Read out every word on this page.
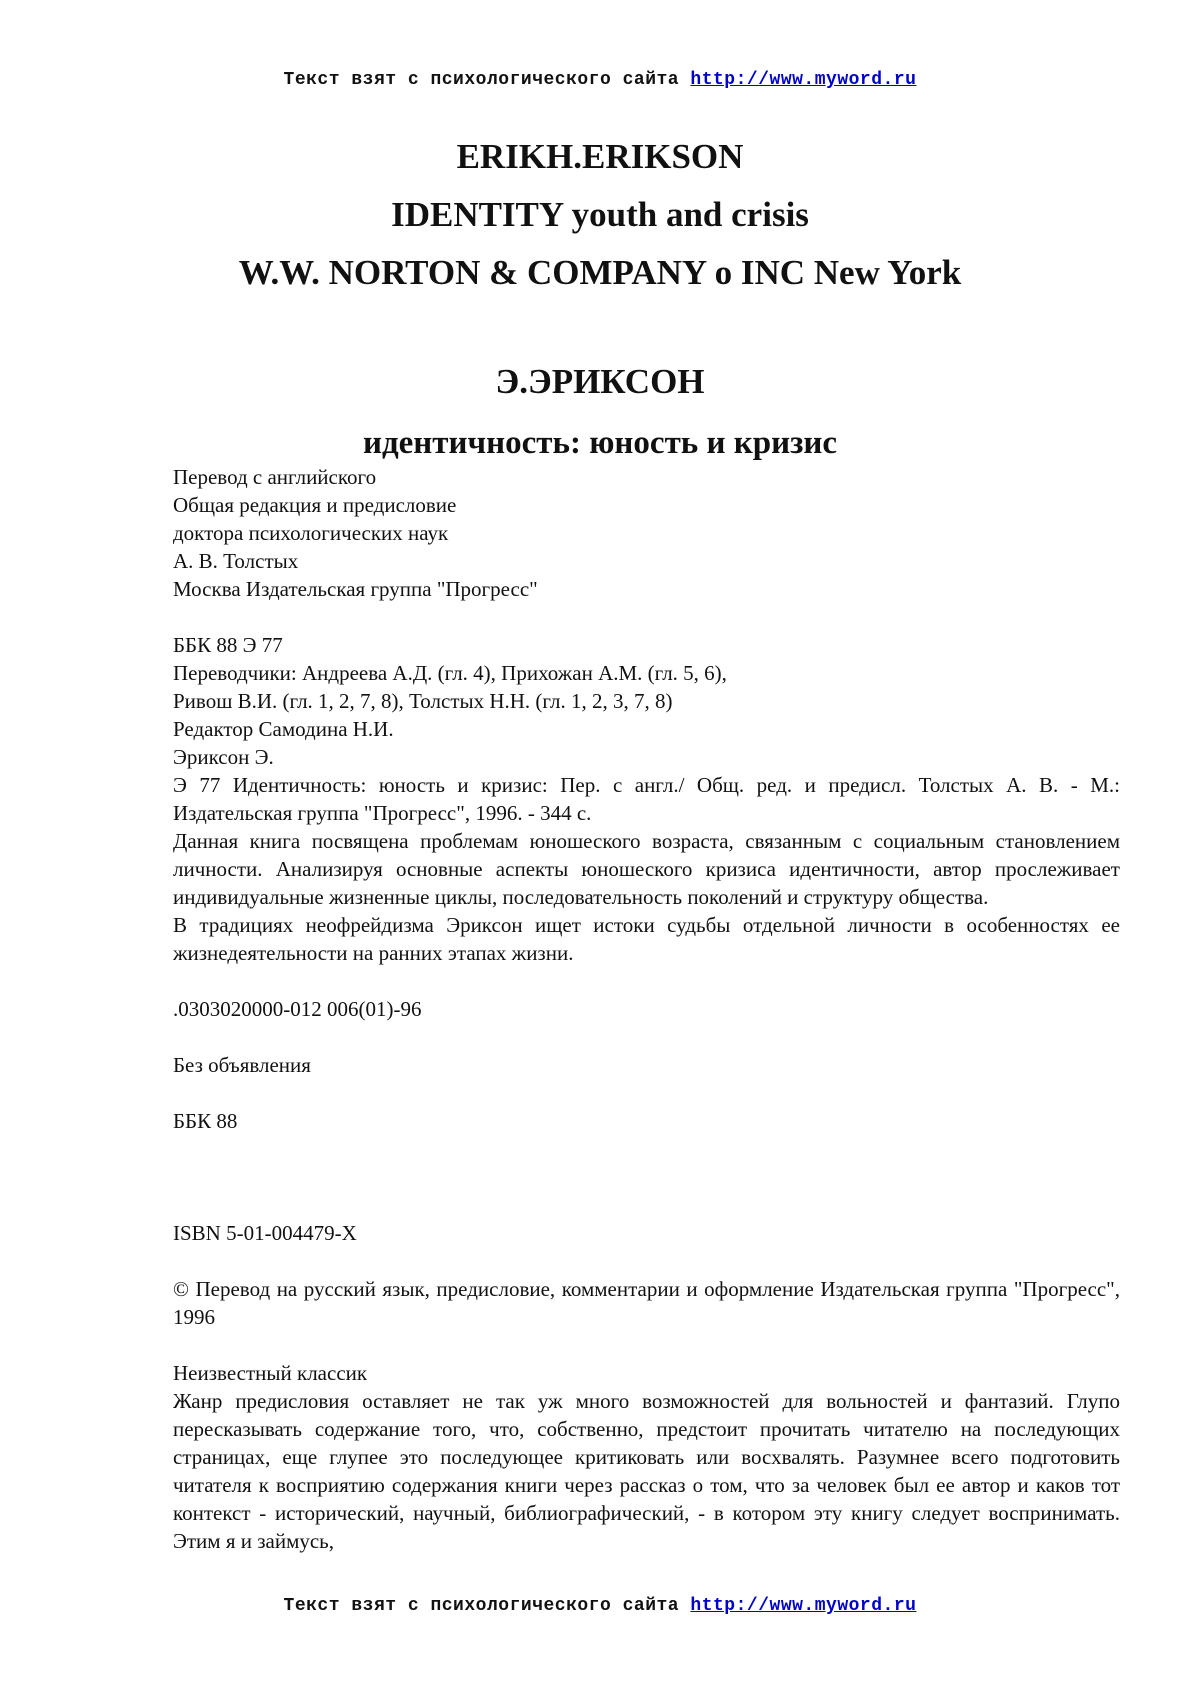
Текст взят с психологического сайта http://www.myword.ru
ERIKH.ERIKSON
IDENTITY youth and crisis
W.W. NORTON & COMPANY o INC New York
Э.ЭРИКСОН
идентичность: юность и кризис
Перевод с английского
Общая редакция и предисловие
доктора психологических наук
А. В. Толстых
Москва Издательская группа "Прогресс"
ББК 88 Э 77
Переводчики: Андреева А.Д. (гл. 4), Прихожан А.М. (гл. 5, 6),
Ривош В.И. (гл. 1, 2, 7, 8), Толстых Н.Н. (гл. 1, 2, 3, 7, 8)
Редактор Самодина Н.И.
Эриксон Э.
Э 77 Идентичность: юность и кризис: Пер. с англ./ Общ. ред. и предисл. Толстых А. В. - М.: Издательская группа "Прогресс", 1996. - 344 с.
Данная книга посвящена проблемам юношеского возраста, связанным с социальным становлением личности. Анализируя основные аспекты юношеского кризиса идентичности, автор прослеживает индивидуальные жизненные циклы, последовательность поколений и структуру общества.
В традициях неофрейдизма Эриксон ищет истоки судьбы отдельной личности в особенностях ее жизнедеятельности на ранних этапах жизни.
.0303020000-012 006(01)-96
Без объявления
ББК 88
ISBN 5-01-004479-X
© Перевод на русский язык, предисловие, комментарии и оформление Издательская группа "Прогресс", 1996
Неизвестный классик
Жанр предисловия оставляет не так уж много возможностей для вольностей и фантазий. Глупо пересказывать содержание того, что, собственно, предстоит прочитать читателю на последующих страницах, еще глупее это последующее критиковать или восхвалять. Разумнее всего подготовить читателя к восприятию содержания книги через рассказ о том, что за человек был ее автор и каков тот контекст - исторический, научный, библиографический, - в котором эту книгу следует воспринимать. Этим я и займусь,
Текст взят с психологического сайта http://www.myword.ru
